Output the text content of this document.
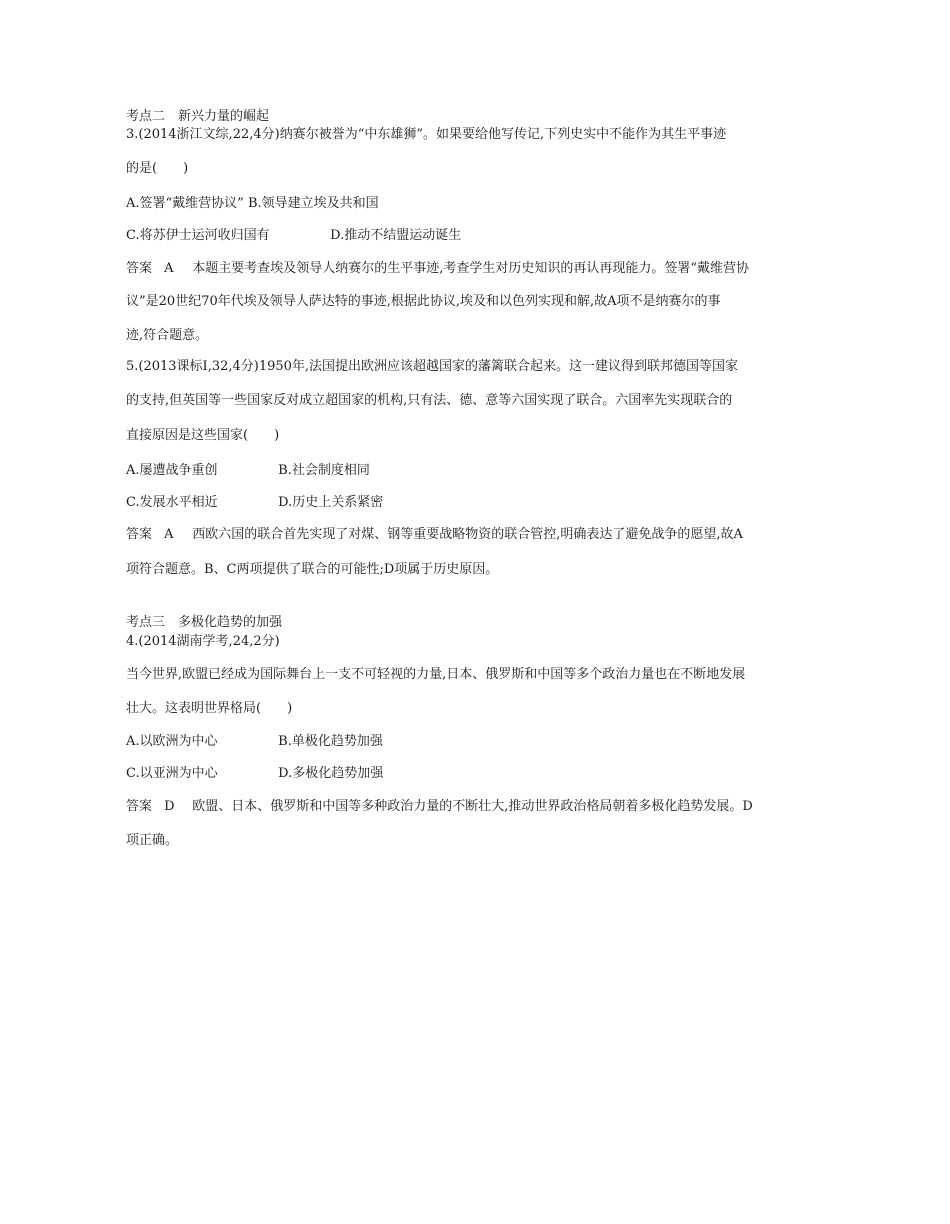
考点二　新兴力量的崛起
3.(2014浙江文综,22,4分)纳赛尔被誉为“中东雄狮”。如果要给他写传记,下列史实中不能作为其生平事迹
的是(　　)
A.签署“戴维营协议” B.领导建立埃及共和国
C.将苏伊士运河收归国有	D.推动不结盟运动诞生
答案 A 本题主要考查埃及领导人纳赛尔的生平事迹,考查学生对历史知识的再认再现能力。签署“戴维营协
议”是20世纪70年代埃及领导人萨达特的事迹,根据此协议,埃及和以色列实现和解,故A项不是纳赛尔的事
迹,符合题意。
5.(2013课标Ⅰ,32,4分)1950年,法国提出欧洲应该超越国家的藩篱联合起来。这一建议得到联邦德国等国家
的支持,但英国等一些国家反对成立超国家的机构,只有法、德、意等六国实现了联合。六国率先实现联合的
直接原因是这些国家(　　)
A.屡遭战争重创	B.社会制度相同
C.发展水平相近	D.历史上关系紧密
答案 A 西欧六国的联合首先实现了对煤、钢等重要战略物资的联合管控,明确表达了避免战争的愿望,故A
项符合题意。B、C两项提供了联合的可能性;D项属于历史原因。
考点三　多极化趋势的加强
4.(2014湖南学考,24,2分)
当今世界,欧盟已经成为国际舞台上一支不可轻视的力量,日本、俄罗斯和中国等多个政治力量也在不断地发展
壮大。这表明世界格局(　　)
A.以欧洲为中心	B.单极化趋势加强
C.以亚洲为中心	D.多极化趋势加强
答案 D 欧盟、日本、俄罗斯和中国等多种政治力量的不断壮大,推动世界政治格局朝着多极化趋势发展。D
项正确。
